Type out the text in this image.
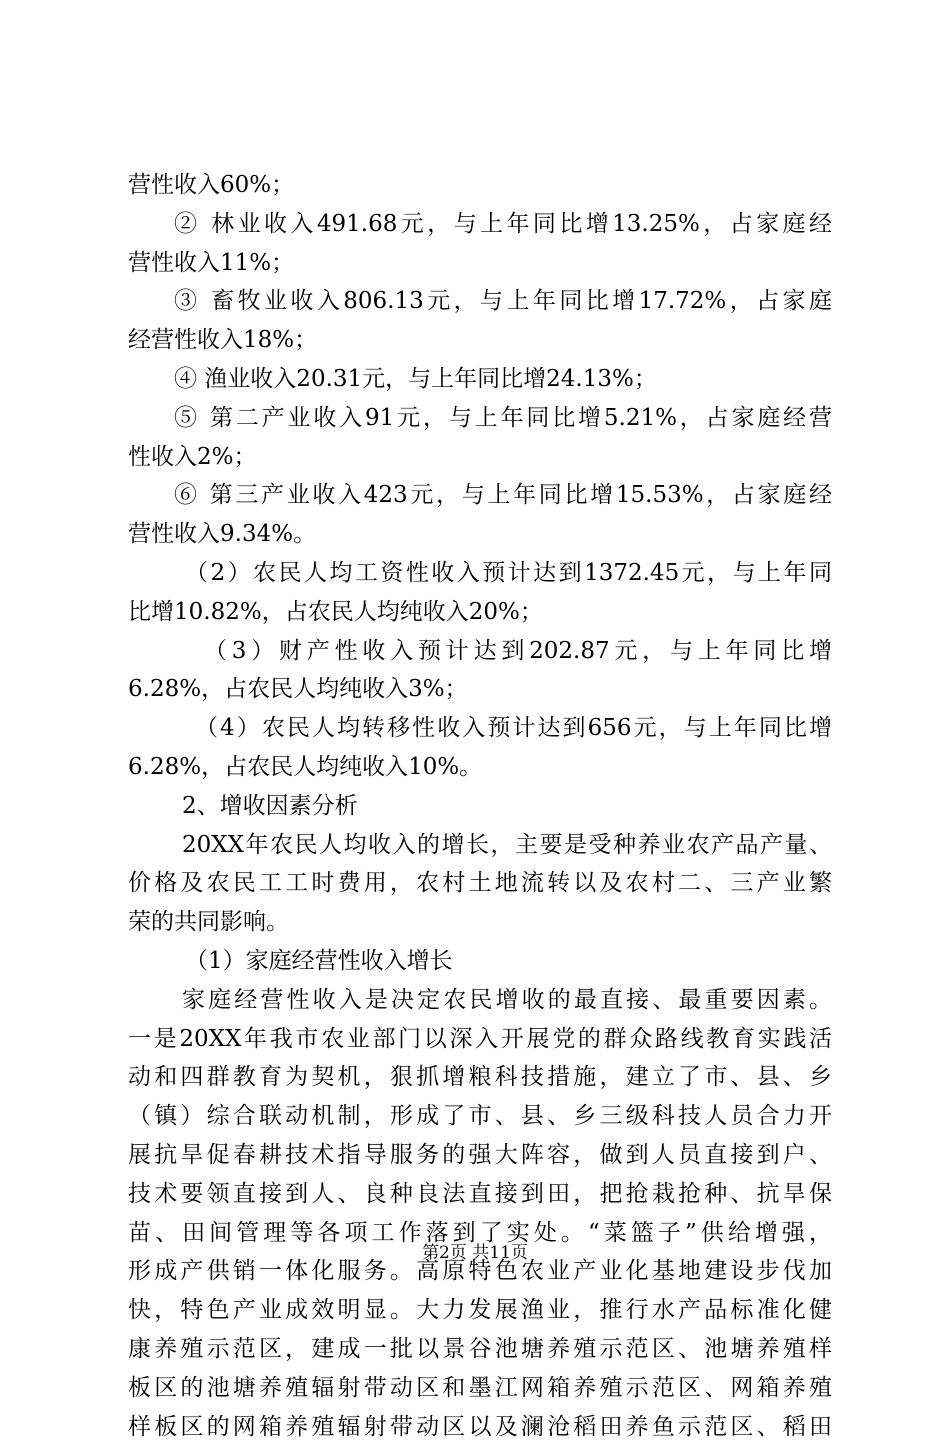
营性收入60%；
② 林业收入491.68元，与上年同比增13.25%，占家庭经
营性收入11%；
③ 畜牧业收入806.13元，与上年同比增17.72%，占家庭
经营性收入18%；
④ 渔业收入20.31元，与上年同比增24.13%；
⑤ 第二产业收入91元，与上年同比增5.21%，占家庭经营
性收入2%；
⑥ 第三产业收入423元，与上年同比增15.53%，占家庭经
营性收入9.34%。
（2）农民人均工资性收入预计达到1372.45元，与上年同
比增10.82%，占农民人均纯收入20%；
（3）财产性收入预计达到202.87元，与上年同比增
6.28%，占农民人均纯收入3%；
（4）农民人均转移性收入预计达到656元，与上年同比增
6.28%，占农民人均纯收入10%。
2、增收因素分析
20XX年农民人均收入的增长，主要是受种养业农产品产量、
价格及农民工工时费用，农村土地流转以及农村二、三产业繁
荣的共同影响。
（1）家庭经营性收入增长
家庭经营性收入是决定农民增收的最直接、最重要因素。
一是20XX年我市农业部门以深入开展党的群众路线教育实践活
动和四群教育为契机，狠抓增粮科技措施，建立了市、县、乡
（镇）综合联动机制，形成了市、县、乡三级科技人员合力开
展抗旱促春耕技术指导服务的强大阵容，做到人员直接到户、
技术要领直接到人、良种良法直接到田，把抢栽抢种、抗旱保
苗、田间管理等各项工作落到了实处。“菜篮子”供给增强，
形成产供销一体化服务。高原特色农业产业化基地建设步伐加
快，特色产业成效明显。大力发展渔业，推行水产品标准化健
康养殖示范区，建成一批以景谷池塘养殖示范区、池塘养殖样
板区的池塘养殖辐射带动区和墨江网箱养殖示范区、网箱养殖
样板区的网箱养殖辐射带动区以及澜沧稻田养鱼示范区、稻田
第2页 共11页
